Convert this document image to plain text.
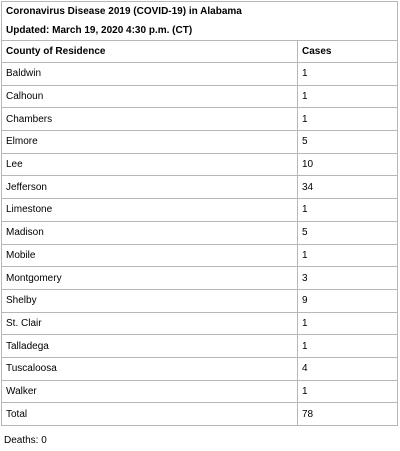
Coronavirus Disease 2019 (COVID-19) in Alabama	
Updated: March 19, 2020 4:30 p.m. (CT)	
County of Residence	Cases
Baldwin	1
Calhoun	1
Chambers	1
Elmore	5
Lee	10
Jefferson	34
Limestone	1
Madison	5
Mobile	1
Montgomery	3
Shelby	9
St. Clair	1
Talladega	1
Tuscaloosa	4
Walker	1
Total	78
Deaths: 0
